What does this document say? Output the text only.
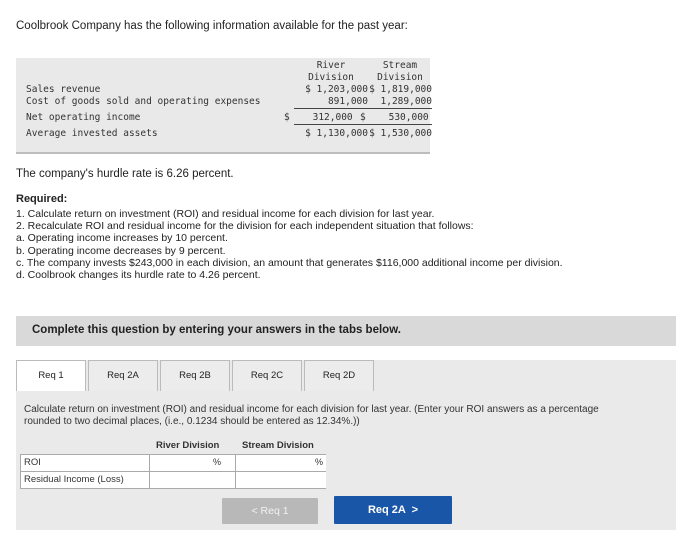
Coolbrook Company has the following information available for the past year:
River
Division
Stream
Division
Sales revenue	$ 1,203,000 $ 1,819,000
Cost of goods sold and operating expenses	891,000	1,289,000
Net operating income	$    312,000 $    530,000
Average invested assets	$ 1,130,000 $ 1,530,000
The company's hurdle rate is 6.26 percent.
Required:
1. Calculate return on investment (ROI) and residual income for each division for last year.
2. Recalculate ROI and residual income for the division for each independent situation that follows:
a. Operating income increases by 10 percent.
b. Operating income decreases by 9 percent.
c. The company invests $243,000 in each division, an amount that generates $116,000 additional income per division.
d. Coolbrook changes its hurdle rate to 4.26 percent.
Complete this question by entering your answers in the tabs below.
Req 1	Req 2A	Req 2B	Req 2C	Req 2D
Calculate return on investment (ROI) and residual income for each division for last year. (Enter your ROI answers as a percentage rounded to two decimal places, (i.e., 0.1234 should be entered as 12.34%.))
River Division Stream Division
ROI	%	%
Residual Income (Loss)
< Req 1	Req 2A >
